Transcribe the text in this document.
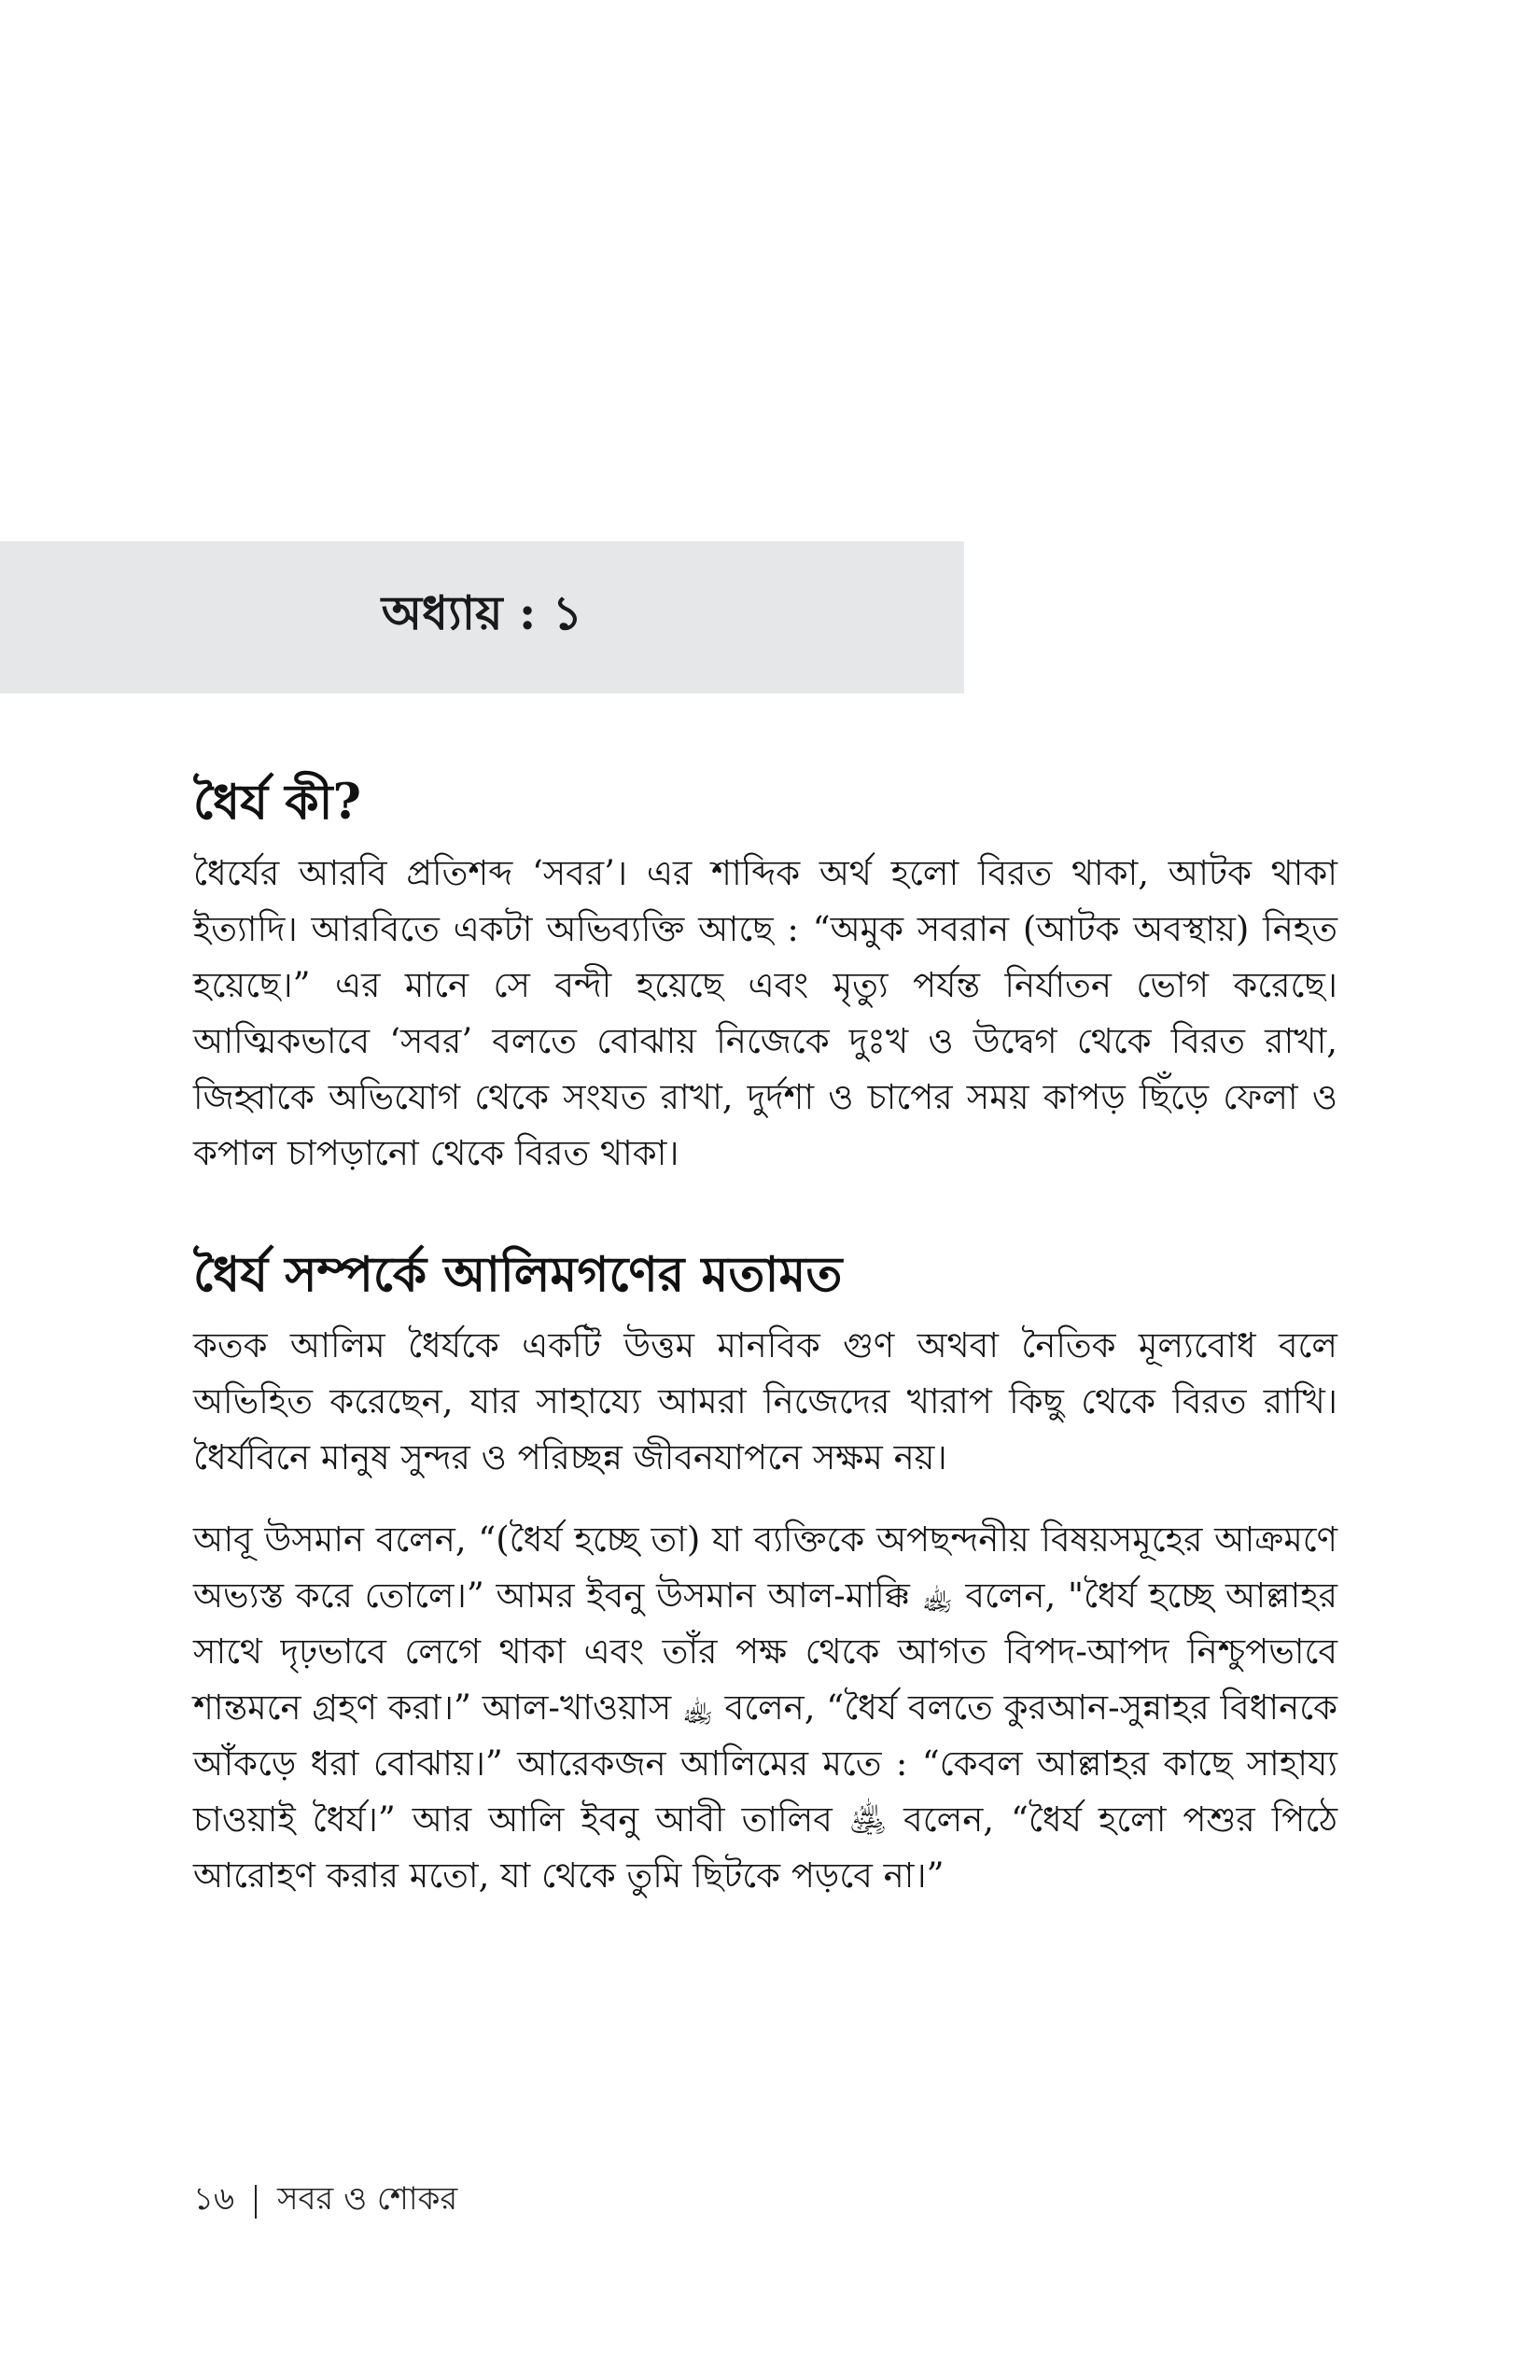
অধ্যায় : ১
ধৈর্য কী?

ধৈর্যের আরবি প্রতিশব্দ ‘সবর’। এর শাব্দিক অর্থ হলো বিরত থাকা, আটক থাকা ইত্যাদি। আরবিতে একটা অভিব্যক্তি আছে : “অমুক সবরান (আটক অবস্থায়) নিহত হয়েছে।” এর মানে সে বন্দী হয়েছে এবং মৃত্যু পর্যন্ত নির্যাতন ভোগ করেছে। আত্মিকভাবে ‘সবর’ বলতে বোঝায় নিজেকে দুঃখ ও উদ্বেগ থেকে বিরত রাখা, জিহ্বাকে অভিযোগ থেকে সংযত রাখা, দুর্দশা ও চাপের সময় কাপড় ছিঁড়ে ফেলা ও কপাল চাপড়ানো থেকে বিরত থাকা।

ধৈর্য সম্পর্কে আলিমগণের মতামত

কতক আলিম ধৈর্যকে একটি উত্তম মানবিক গুণ অথবা নৈতিক মূল্যবোধ বলে অভিহিত করেছেন, যার সাহায্যে আমরা নিজেদের খারাপ কিছু থেকে বিরত রাখি। ধৈর্যবিনে মানুষ সুন্দর ও পরিচ্ছন্ন জীবনযাপনে সক্ষম নয়।

আবূ উসমান বলেন, “(ধৈর্য হচ্ছে তা) যা ব্যক্তিকে অপছন্দনীয় বিষয়সমূহের আক্রমণে অভ্যস্ত করে তোলে।” আমর ইবনু উসমান আল-মাক্কি ﵀ বলেন, "ধৈর্য হচ্ছে আল্লাহর সাথে দৃঢ়ভাবে লেগে থাকা এবং তাঁর পক্ষ থেকে আগত বিপদ-আপদ নিশ্চুপভাবে শান্তমনে গ্রহণ করা।” আল-খাওয়াস ﵀ বলেন, “ধৈর্য বলতে কুরআন-সুন্নাহর বিধানকে আঁকড়ে ধরা বোঝায়।” আরেকজন আলিমের মতে : “কেবল আল্লাহর কাছে সাহায্য চাওয়াই ধৈর্য।” আর আলি ইবনু আবী তালিব ﵁ বলেন, “ধৈর্য হলো পশুর পিঠে আরোহণ করার মতো, যা থেকে তুমি ছিটকে পড়বে না।”

১৬ সবর ও শোকর
